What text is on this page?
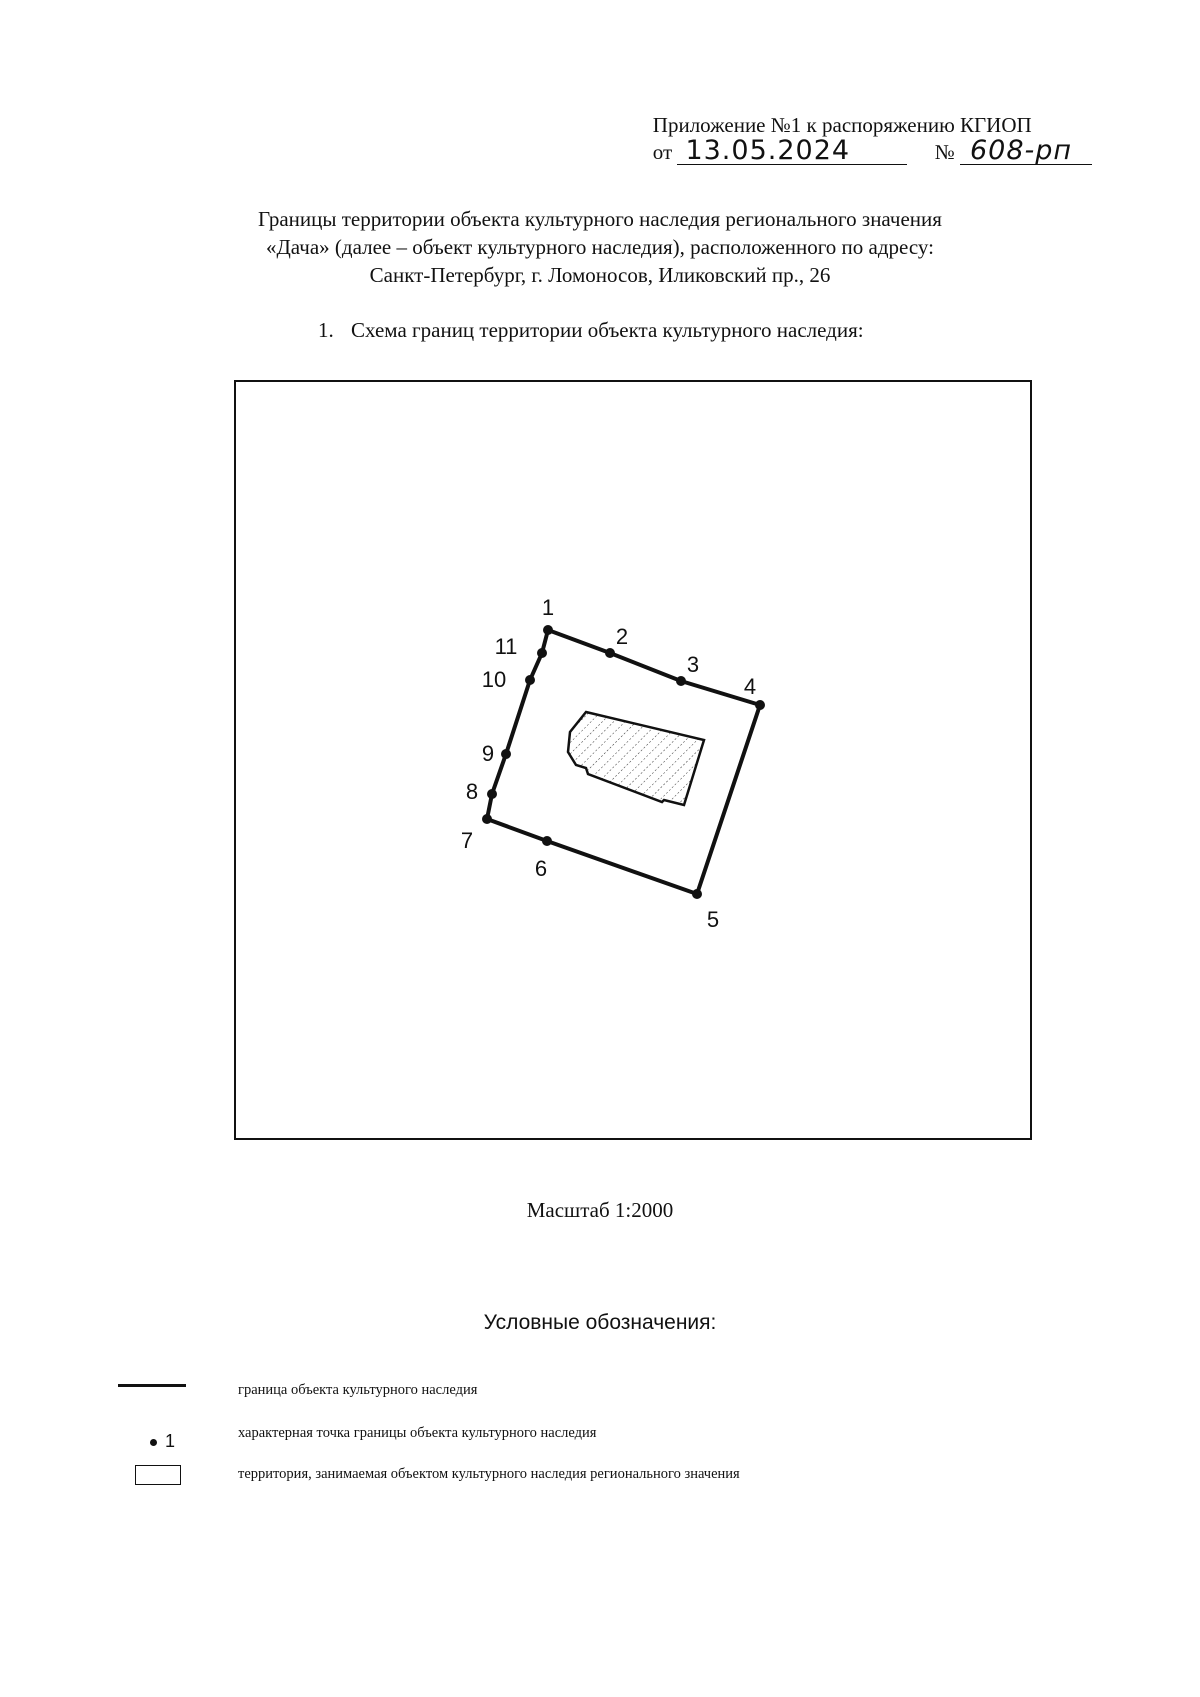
Приложение №1 к распоряжению КГИОП
от 13.05.2024	№ 608-рп
Границы территории объекта культурного наследия регионального значения
«Дача» (далее – объект культурного наследия), расположенного по адресу:
Санкт-Петербург, г. Ломоносов, Иликовский пр., 26
1. Схема границ территории объекта культурного наследия:
1
2
3
4
5
6
7
8
9
10
11
Масштаб 1:2000
Условные обозначения:
граница объекта культурного наследия
1	характерная точка границы объекта культурного наследия
территория, занимаемая объектом культурного наследия регионального значения
